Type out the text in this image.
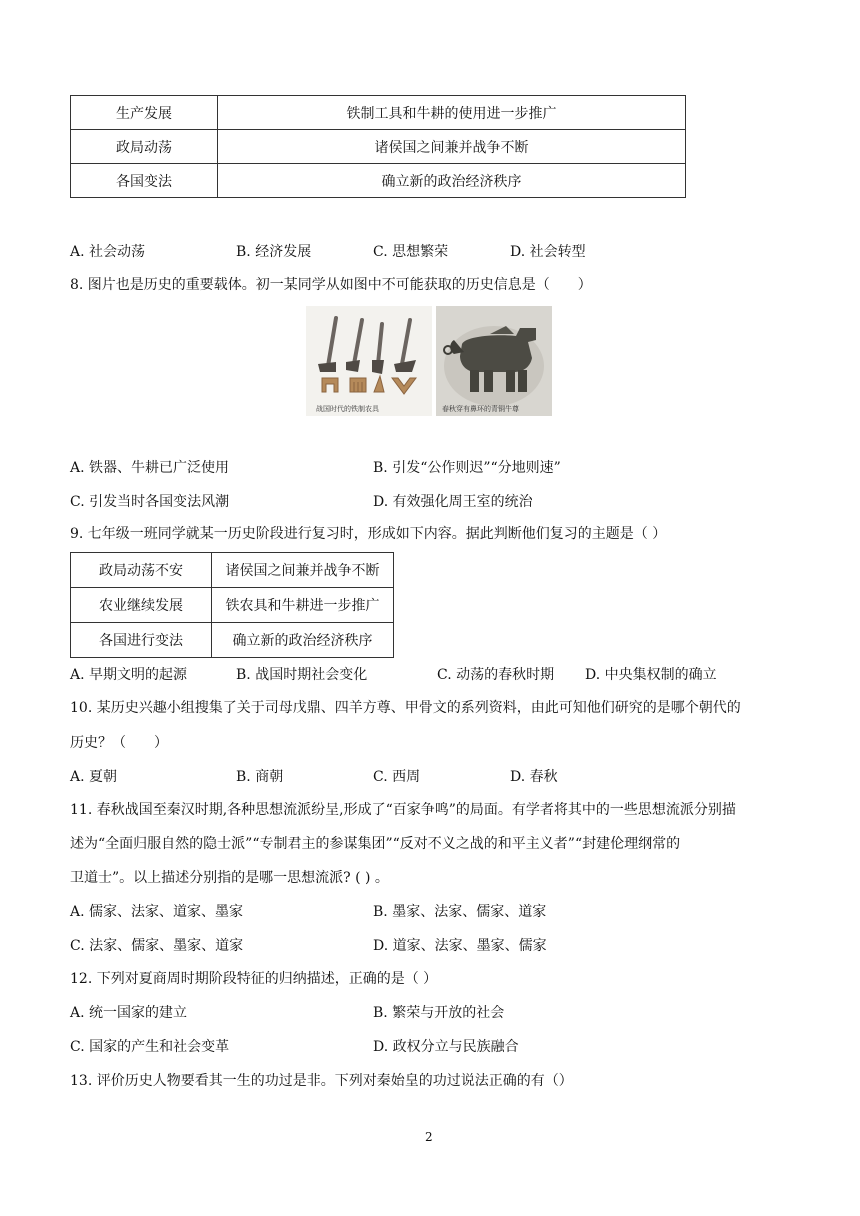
生产发展	铁制工具和牛耕的使用进一步推广
政局动荡	诸侯国之间兼并战争不断
各国变法	确立新的政治经济秩序
A. 社会动荡	B. 经济发展	C. 思想繁荣	D. 社会转型
8. 图片也是历史的重要载体。初一某同学从如图中不可能获取的历史信息是（　　）
战国时代的铁制农具	春秋穿有鼻环的青铜牛尊
A. 铁器、牛耕已广泛使用	B. 引发“公作则迟”“分地则速”
C. 引发当时各国变法风潮	D. 有效强化周王室的统治
9. 七年级一班同学就某一历史阶段进行复习时，形成如下内容。据此判断他们复习的主题是（ ）
政局动荡不安	诸侯国之间兼并战争不断
农业继续发展	铁农具和牛耕进一步推广
各国进行变法	确立新的政治经济秩序
A. 早期文明的起源	B. 战国时期社会变化	C. 动荡的春秋时期 D. 中央集权制的确立
10. 某历史兴趣小组搜集了关于司母戊鼎、四羊方尊、甲骨文的系列资料，由此可知他们研究的是哪个朝代的
历史？（　　）
A. 夏朝	B. 商朝	C. 西周	D. 春秋
11. 春秋战国至秦汉时期,各种思想流派纷呈,形成了“百家争鸣”的局面。有学者将其中的一些思想流派分别描
述为“全面归服自然的隐士派”“专制君主的参谋集团”“反对不义之战的和平主义者”“封建伦理纲常的
卫道士”。以上描述分别指的是哪一思想流派? ( ) 。
A. 儒家、法家、道家、墨家	B. 墨家、法家、儒家、道家
C. 法家、儒家、墨家、道家	D. 道家、法家、墨家、儒家
12. 下列对夏商周时期阶段特征的归纳描述，正确的是（ ）
A. 统一国家的建立	B. 繁荣与开放的社会
C. 国家的产生和社会变革	D. 政权分立与民族融合
13. 评价历史人物要看其一生的功过是非。下列对秦始皇的功过说法正确的有（）
2
